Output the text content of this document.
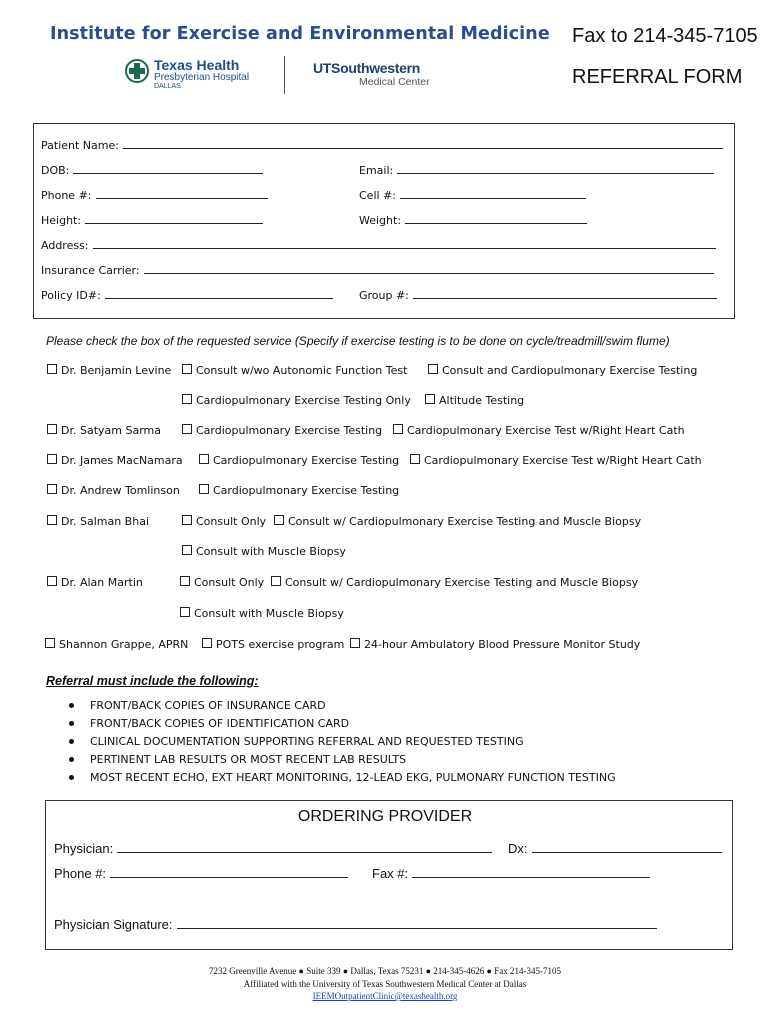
Institute for Exercise and Environmental Medicine Fax to 214-345-7105
REFERRAL FORM
Texas Health
Presbyterian Hospital
DALLAS
UTSouthwestern
Medical Center
Patient Name:
DOB:	Email:
Phone #:	Cell #:
Height:	Weight:
Address:
Insurance Carrier:
Policy ID#:	Group #:
Please check the box of the requested service (Specify if exercise testing is to be done on cycle/treadmill/swim flume)
Dr. Benjamin Levine	Consult w/wo Autonomic Function Test	Consult and Cardiopulmonary Exercise Testing
Cardiopulmonary Exercise Testing Only	Altitude Testing
Dr. Satyam Sarma	Cardiopulmonary Exercise Testing	Cardiopulmonary Exercise Test w/Right Heart Cath
Dr. James MacNamara	Cardiopulmonary Exercise Testing	Cardiopulmonary Exercise Test w/Right Heart Cath
Dr. Andrew Tomlinson	Cardiopulmonary Exercise Testing
Dr. Salman Bhai	Consult Only	Consult w/ Cardiopulmonary Exercise Testing and Muscle Biopsy
Consult with Muscle Biopsy
Dr. Alan Martin	Consult Only	Consult w/ Cardiopulmonary Exercise Testing and Muscle Biopsy
Consult with Muscle Biopsy
Shannon Grappe, APRN	POTS exercise program	24-hour Ambulatory Blood Pressure Monitor Study
Referral must include the following:
FRONT/BACK COPIES OF INSURANCE CARD
FRONT/BACK COPIES OF IDENTIFICATION CARD
CLINICAL DOCUMENTATION SUPPORTING REFERRAL AND REQUESTED TESTING
PERTINENT LAB RESULTS OR MOST RECENT LAB RESULTS
MOST RECENT ECHO, EXT HEART MONITORING, 12-LEAD EKG, PULMONARY FUNCTION TESTING
ORDERING PROVIDER
Physician:	Dx:
Phone #:	Fax #:
Physician Signature:
7232 Greenville Avenue ● Suite 339 ● Dallas, Texas 75231 ● 214-345-4626 ● Fax 214-345-7105
Affiliated with the University of Texas Southwestern Medical Center at Dallas
IEEMOutpatientClinic@texashealth.org
